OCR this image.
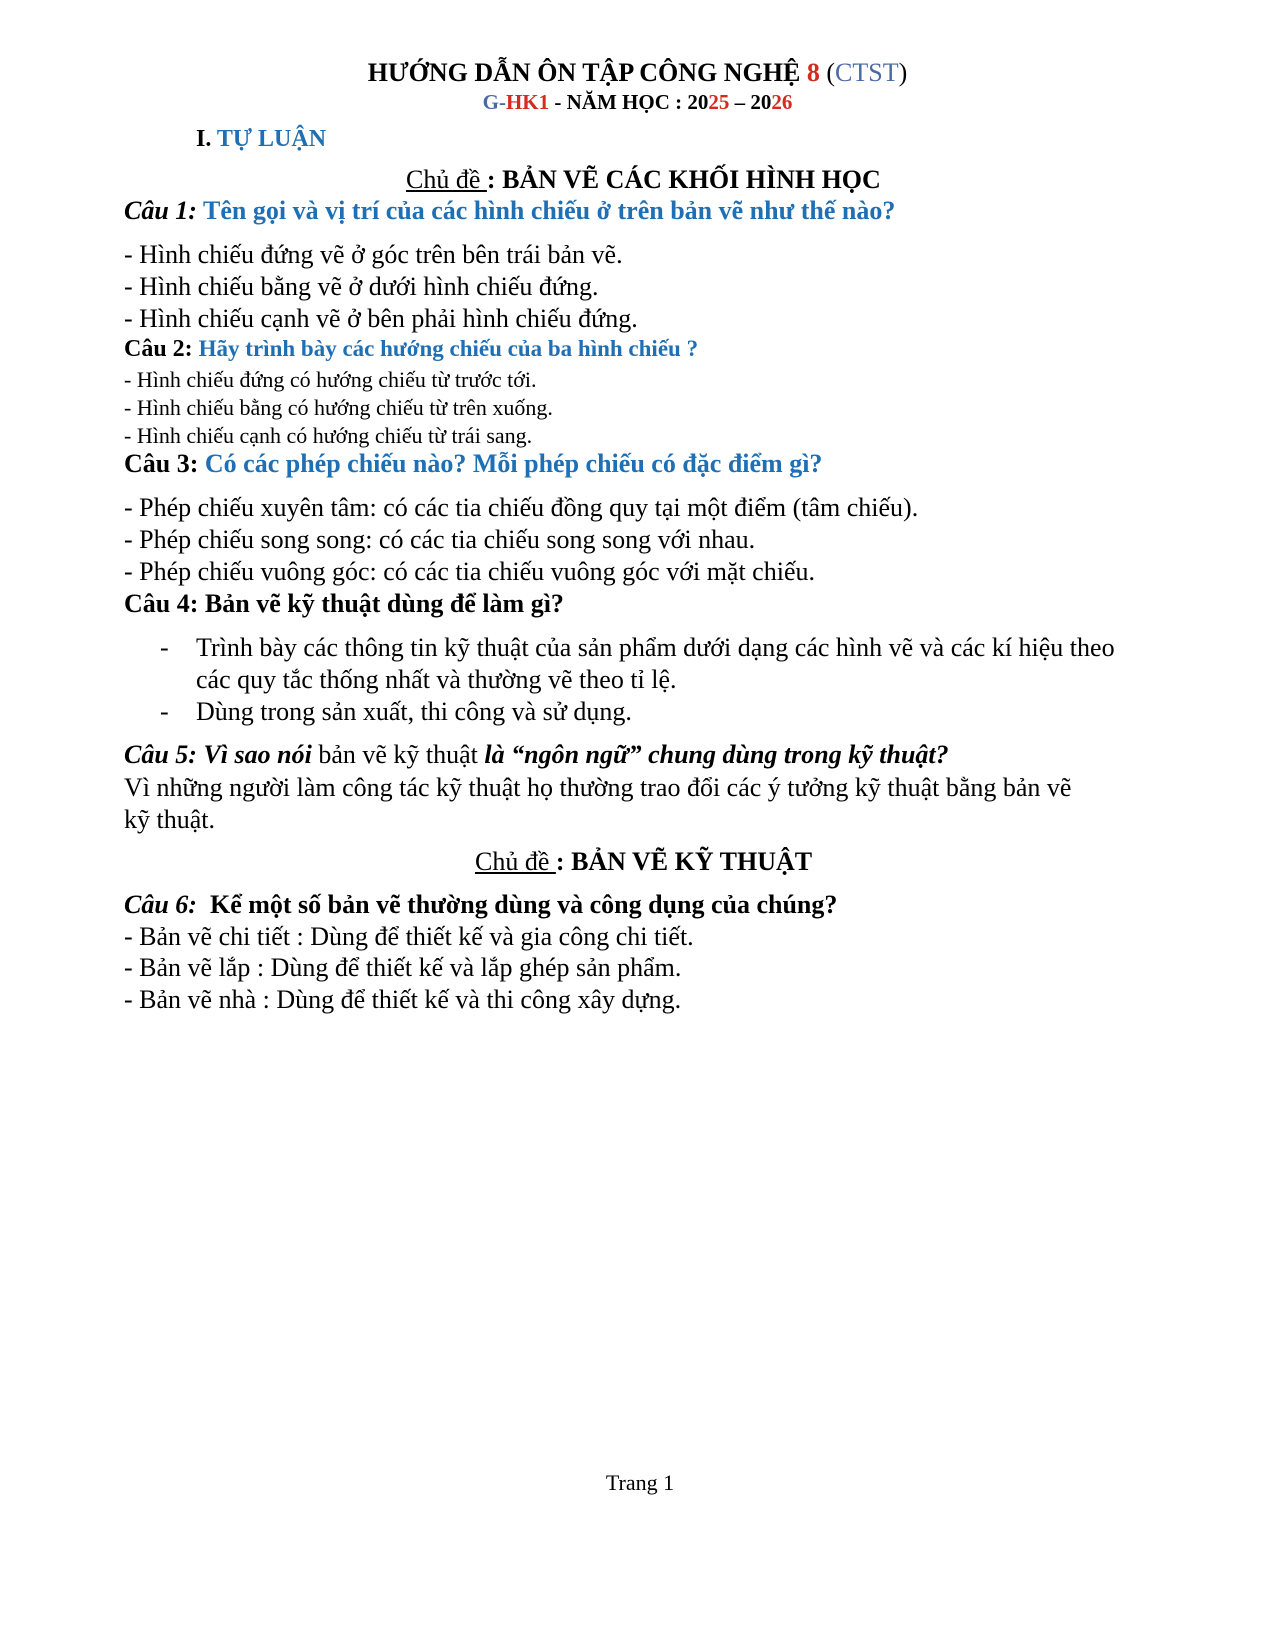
HƯỚNG DẪN ÔN TẬP CÔNG NGHỆ 8 (CTST)
G-HK1 - NĂM HỌC : 2025 – 2026
I. TỰ LUẬN
Chủ đề : BẢN VẼ CÁC KHỐI HÌNH HỌC
Câu 1: Tên gọi và vị trí của các hình chiếu ở trên bản vẽ như thế nào?
- Hình chiếu đứng vẽ ở góc trên bên trái bản vẽ.
- Hình chiếu bằng vẽ ở dưới hình chiếu đứng.
- Hình chiếu cạnh vẽ ở bên phải hình chiếu đứng.
Câu 2: Hãy trình bày các hướng chiếu của ba hình chiếu ?
- Hình chiếu đứng có hướng chiếu từ trước tới.
- Hình chiếu bằng có hướng chiếu từ trên xuống.
- Hình chiếu cạnh có hướng chiếu từ trái sang.
Câu 3: Có các phép chiếu nào? Mỗi phép chiếu có đặc điểm gì?
- Phép chiếu xuyên tâm: có các tia chiếu đồng quy tại một điểm (tâm chiếu).
- Phép chiếu song song: có các tia chiếu song song với nhau.
- Phép chiếu vuông góc: có các tia chiếu vuông góc với mặt chiếu.
Câu 4: Bản vẽ kỹ thuật dùng để làm gì?
- Trình bày các thông tin kỹ thuật của sản phẩm dưới dạng các hình vẽ và các kí hiệu theo
các quy tắc thống nhất và thường vẽ theo tỉ lệ.
- Dùng trong sản xuất, thi công và sử dụng.
Câu 5: Vì sao nói bản vẽ kỹ thuật là “ngôn ngữ” chung dùng trong kỹ thuật?
Vì những người làm công tác kỹ thuật họ thường trao đổi các ý tưởng kỹ thuật bằng bản vẽ
kỹ thuật.
Chủ đề : BẢN VẼ KỸ THUẬT
Câu 6: Kể một số bản vẽ thường dùng và công dụng của chúng?
- Bản vẽ chi tiết : Dùng để thiết kế và gia công chi tiết.
- Bản vẽ lắp : Dùng để thiết kế và lắp ghép sản phẩm.
- Bản vẽ nhà : Dùng để thiết kế và thi công xây dựng.
Trang 1
